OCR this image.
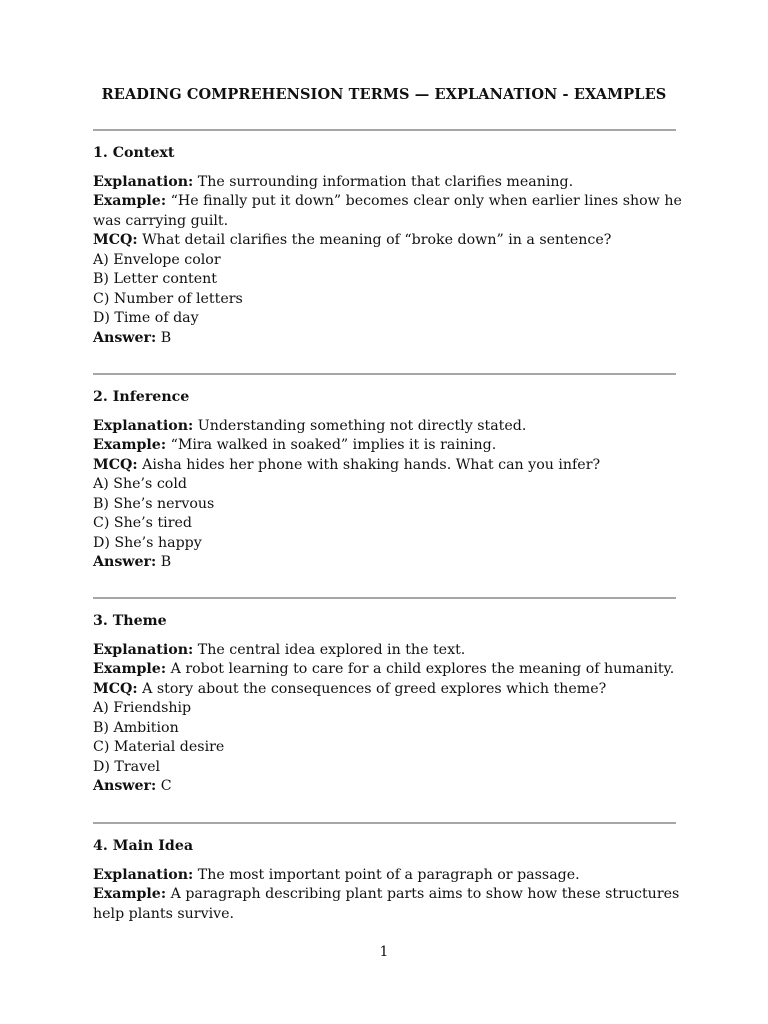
READING COMPREHENSION TERMS — EXPLANATION - EXAMPLES

1. Context

Explanation: The surrounding information that clarifies meaning.

Example: “He finally put it down” becomes clear only when earlier lines show he was carrying guilt.

MCQ: What detail clarifies the meaning of “broke down” in a sentence?

A) Envelope color

B) Letter content

C) Number of letters

D) Time of day

Answer: B

2. Inference

Explanation: Understanding something not directly stated.

Example: “Mira walked in soaked” implies it is raining.

MCQ: Aisha hides her phone with shaking hands. What can you infer?

A) She’s cold

B) She’s nervous

C) She’s tired

D) She’s happy

Answer: B

3. Theme

Explanation: The central idea explored in the text.

Example: A robot learning to care for a child explores the meaning of humanity.

MCQ: A story about the consequences of greed explores which theme?

A) Friendship

B) Ambition

C) Material desire

D) Travel

Answer: C

4. Main Idea

Explanation: The most important point of a paragraph or passage.

Example: A paragraph describing plant parts aims to show how these structures help plants survive.

1
